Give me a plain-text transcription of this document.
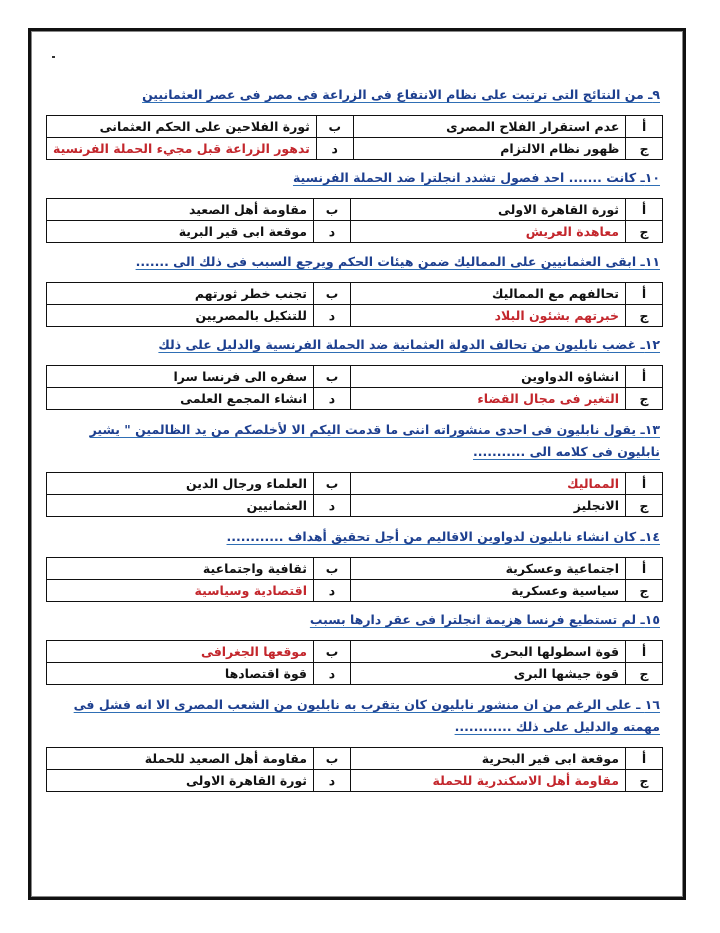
٩ـ من النتائج التى ترتبت على نظام الانتفاع فى الزراعة فى مصر فى عصر العثمانيين
أ	عدم استقرار الفلاح المصرى	ب	ثورة الفلاحين على الحكم العثمانى
ج	ظهور نظام الالتزام	د	تدهور الزراعة قبل مجيء الحملة الفرنسية
١٠ـ كانت ....... احد فصول تشدد انجلترا ضد الحملة الفرنسية
أ	ثورة القاهرة الاولى	ب	مقاومة أهل الصعيد
ج	معاهدة العريش	د	موقعة ابى قير البرية
١١ـ ابقى العثمانيين على المماليك ضمن هيئات الحكم ويرجع السبب فى ذلك الى .......
أ	تحالفهم مع المماليك	ب	تجنب خطر ثورتهم
ج	خبرتهم بشئون البلاد	د	للتنكيل بالمصريين
١٢ـ غضب نابليون من تحالف الدولة العثمانية ضد الحملة الفرنسية والدليل على ذلك
أ	انشاؤه الدواوين	ب	سفره الى فرنسا سرا
ج	التغير فى مجال القضاء	د	انشاء المجمع العلمى
١٣ـ يقول نابليون فى احدى منشوراته اننى ما قدمت اليكم الا لأخلصكم من يد الظالمين " يشير نابليون فى كلامه الى ...........
أ	المماليك	ب	العلماء ورجال الدين
ج	الانجليز	د	العثمانيين
١٤ـ كان انشاء نابليون لدواوين الاقاليم من أجل تحقيق أهداف ............
أ	اجتماعية وعسكرية	ب	ثقافية واجتماعية
ج	سياسية وعسكرية	د	اقتصادية وسياسية
١٥ـ لم تستطيع فرنسا هزيمة انجلترا فى عقر دارها بسبب
أ	قوة اسطولها البحرى	ب	موقعها الجغرافى
ج	قوة جيشها البرى	د	قوة اقتصادها
١٦ ـ على الرغم من ان منشور نابليون كان يتقرب به نابليون من الشعب المصرى الا انه فشل فى مهمته والدليل على ذلك ............
أ	موقعة ابى قير البحرية	ب	مقاومة أهل الصعيد للحملة
ج	مقاومة أهل الاسكندرية للحملة	د	ثورة القاهرة الاولى
